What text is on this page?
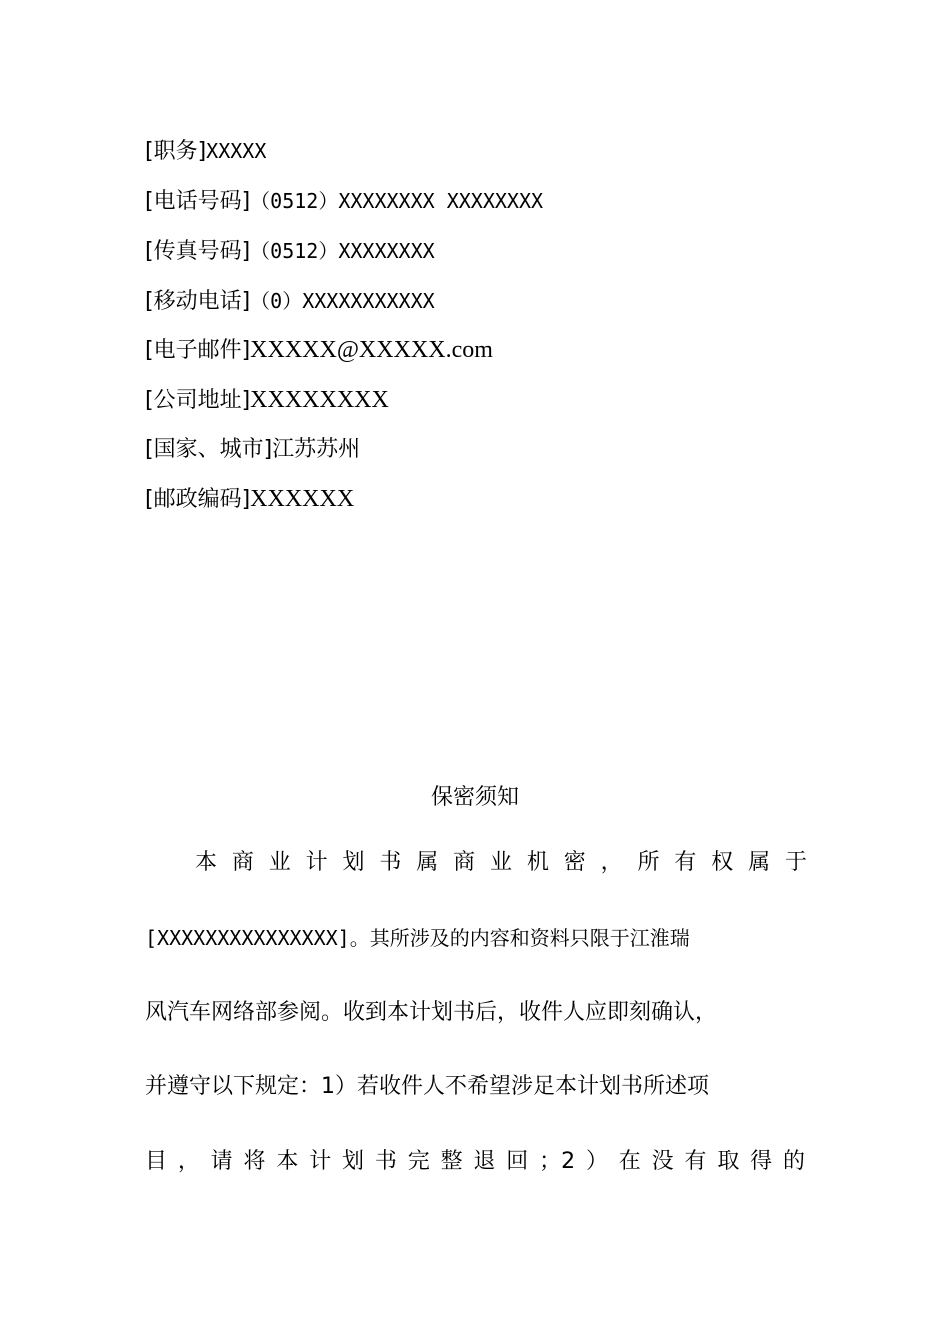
[职务]XXXXX
[电话号码]（0512）XXXXXXXX XXXXXXXX
[传真号码]（0512）XXXXXXXX
[移动电话]（0）XXXXXXXXXXX
[电子邮件]XXXXX@XXXXX.com
[公司地址]XXXXXXXX
[国家、城市]江苏苏州
[邮政编码]XXXXXX
保密须知
本商业计划书属商业机密，所有权属于
[XXXXXXXXXXXXXXX]。其所涉及的内容和资料只限于江淮瑞
风汽车网络部参阅。收到本计划书后，收件人应即刻确认，
并遵守以下规定：1）若收件人不希望涉足本计划书所述项
目，请将本计划书完整退回；2）在没有取得的
